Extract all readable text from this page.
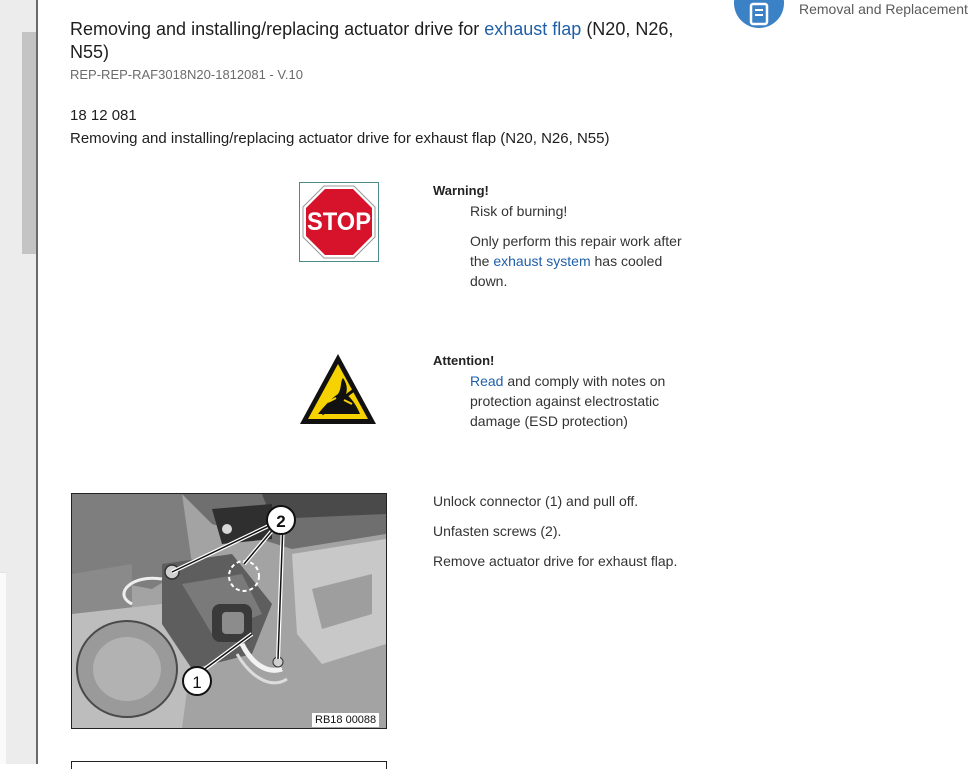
Removing and installing/replacing actuator drive for exhaust flap (N20, N26, N55)
REP-REP-RAF3018N20-1812081 - V.10
18 12 081
Removing and installing/replacing actuator drive for exhaust flap (N20, N26, N55)
STOP
Warning!
Risk of burning!
Only perform this repair work after the exhaust system has cooled down.
Attention!
Read and comply with notes on protection against electrostatic damage (ESD protection)
2
1
RB18 00088
Unlock connector (1) and pull off.
Unfasten screws (2).
Remove actuator drive for exhaust flap.
Removal and Replacement
